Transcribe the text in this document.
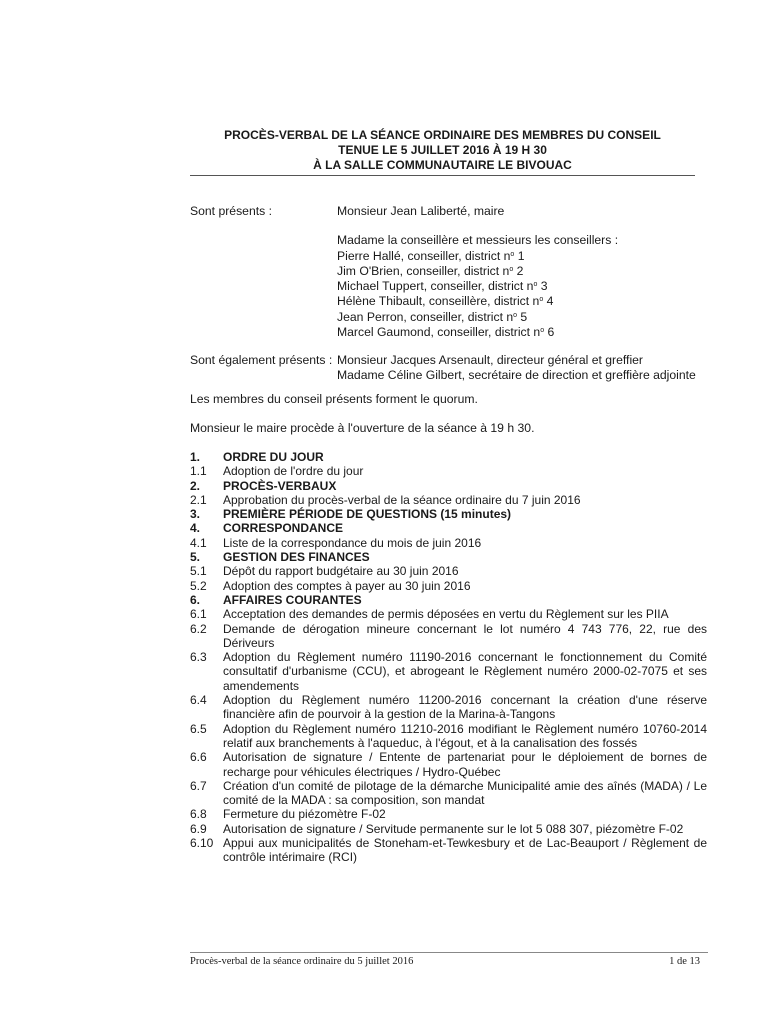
PROCÈS-VERBAL DE LA SÉANCE ORDINAIRE DES MEMBRES DU CONSEIL
TENUE LE 5 JUILLET 2016 À 19 H 30
À LA SALLE COMMUNAUTAIRE LE BIVOUAC
Sont présents :	Monsieur Jean Laliberté, maire
Madame la conseillère et messieurs les conseillers :
Pierre Hallé, conseiller, district $n^o$ 1
Jim O'Brien, conseiller, district $n^o$ 2
Michael Tuppert, conseiller, district $n^o$ 3
Hélène Thibault, conseillère, district $n^o$ 4
Jean Perron, conseiller, district $n^o$ 5
Marcel Gaumond, conseiller, district $n^o$ 6
Sont également présents : Monsieur Jacques Arsenault, directeur général et greffier
Madame Céline Gilbert, secrétaire de direction et greffière adjointe
Les membres du conseil présents forment le quorum.
Monsieur le maire procède à l'ouverture de la séance à 19 h 30.
1.	ORDRE DU JOUR
1.1	Adoption de l'ordre du jour
2.	PROCÈS-VERBAUX
2.1	Approbation du procès-verbal de la séance ordinaire du 7 juin 2016
3.	PREMIÈRE PÉRIODE DE QUESTIONS (15 minutes)
4.	CORRESPONDANCE
4.1	Liste de la correspondance du mois de juin 2016
5.	GESTION DES FINANCES
5.1	Dépôt du rapport budgétaire au 30 juin 2016
5.2	Adoption des comptes à payer au 30 juin 2016
6.	AFFAIRES COURANTES
6.1	Acceptation des demandes de permis déposées en vertu du Règlement sur les PIIA
6.2	Demande de dérogation mineure concernant le lot numéro 4 743 776, 22, rue des Dériveurs
6.3	Adoption du Règlement numéro 11190-2016 concernant le fonctionnement du Comité consultatif d'urbanisme (CCU), et abrogeant le Règlement numéro 2000-02-7075 et ses amendements
6.4	Adoption du Règlement numéro 11200-2016 concernant la création d'une réserve financière afin de pourvoir à la gestion de la Marina-à-Tangons
6.5	Adoption du Règlement numéro 11210-2016 modifiant le Règlement numéro 10760-2014 relatif aux branchements à l'aqueduc, à l'égout, et à la canalisation des fossés
6.6	Autorisation de signature / Entente de partenariat pour le déploiement de bornes de recharge pour véhicules électriques / Hydro-Québec
6.7	Création d'un comité de pilotage de la démarche Municipalité amie des aînés (MADA) / Le comité de la MADA : sa composition, son mandat
6.8	Fermeture du piézomètre F-02
6.9	Autorisation de signature / Servitude permanente sur le lot 5 088 307, piézomètre F-02
6.10 Appui aux municipalités de Stoneham-et-Tewkesbury et de Lac-Beauport / Règlement de contrôle intérimaire (RCI)
Procès-verbal de la séance ordinaire du 5 juillet 2016	1 de 13
